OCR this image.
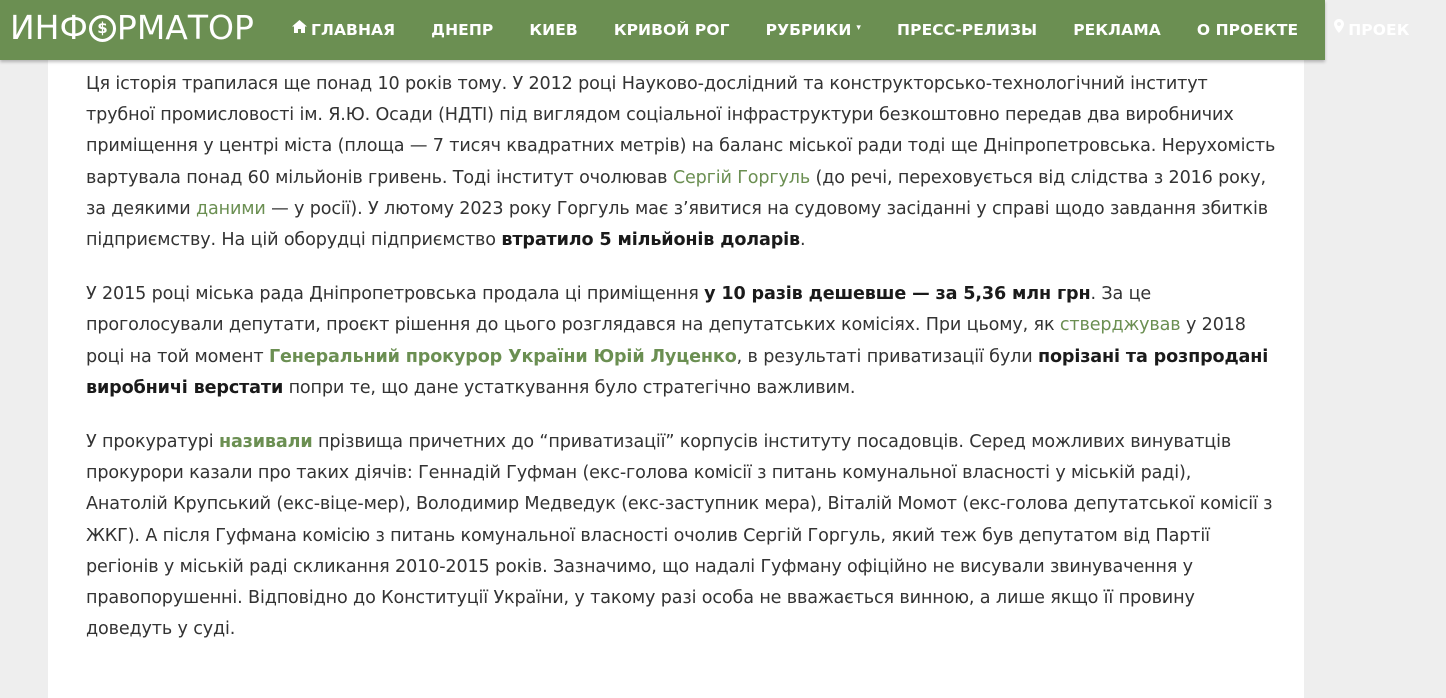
ИНФ
$ РМАТОР	ГЛАВНАЯ ДНЕПР КИЕВ КРИВОЙ РОГ РУБРИКИ ▾ ПРЕСС-РЕЛИЗЫ РЕКЛАМА О ПРОЕКТЕ	ПРОЕК

Ця історія трапилася ще понад 10 років тому. У 2012 році Науково-дослідний та конструкторсько-технологічний інститут трубної промисловості ім. Я.Ю. Осади (НДТІ) під виглядом соціальної інфраструктури безкоштовно передав два виробничих приміщення у центрі міста (площа — 7 тисяч квадратних метрів) на баланс міської ради тоді ще Дніпропетровська. Нерухомість вартувала понад 60 мільйонів гривень. Тоді інститут очолював Сергій Горгуль (до речі, переховується від слідства з 2016 року, за деякими даними — у росії). У лютому 2023 року Горгуль має з’явитися на судовому засіданні у справі щодо завдання збитків підприємству. На цій оборудці підприємство втратило 5 мільйонів доларів.

У 2015 році міська рада Дніпропетровська продала ці приміщення у 10 разів дешевше — за 5,36 млн грн. За це проголосували депутати, проєкт рішення до цього розглядався на депутатських комісіях. При цьому, як стверджував у 2018 році на той момент Генеральний прокурор України Юрій Луценко, в результаті приватизації були порізані та розпродані виробничі верстати попри те, що дане устаткування було стратегічно важливим.

У прокуратурі називали прізвища причетних до “приватизації” корпусів інституту посадовців. Серед можливих винуватців прокурори казали про таких діячів: Геннадій Гуфман (екс-голова комісії з питань комунальної власності у міській раді), Анатолій Крупський (екс-віце-мер), Володимир Медведук (екс-заступник мера), Віталій Момот (екс-голова депутатської комісії з ЖКГ). А після Гуфмана комісію з питань комунальної власності очолив Сергій Горгуль, який теж був депутатом від Партії регіонів у міській раді скликання 2010-2015 років. Зазначимо, що надалі Гуфману офіційно не висували звинувачення у правопорушенні. Відповідно до Конституції України, у такому разі особа не вважається винною, а лише якщо її провину доведуть у суді.
